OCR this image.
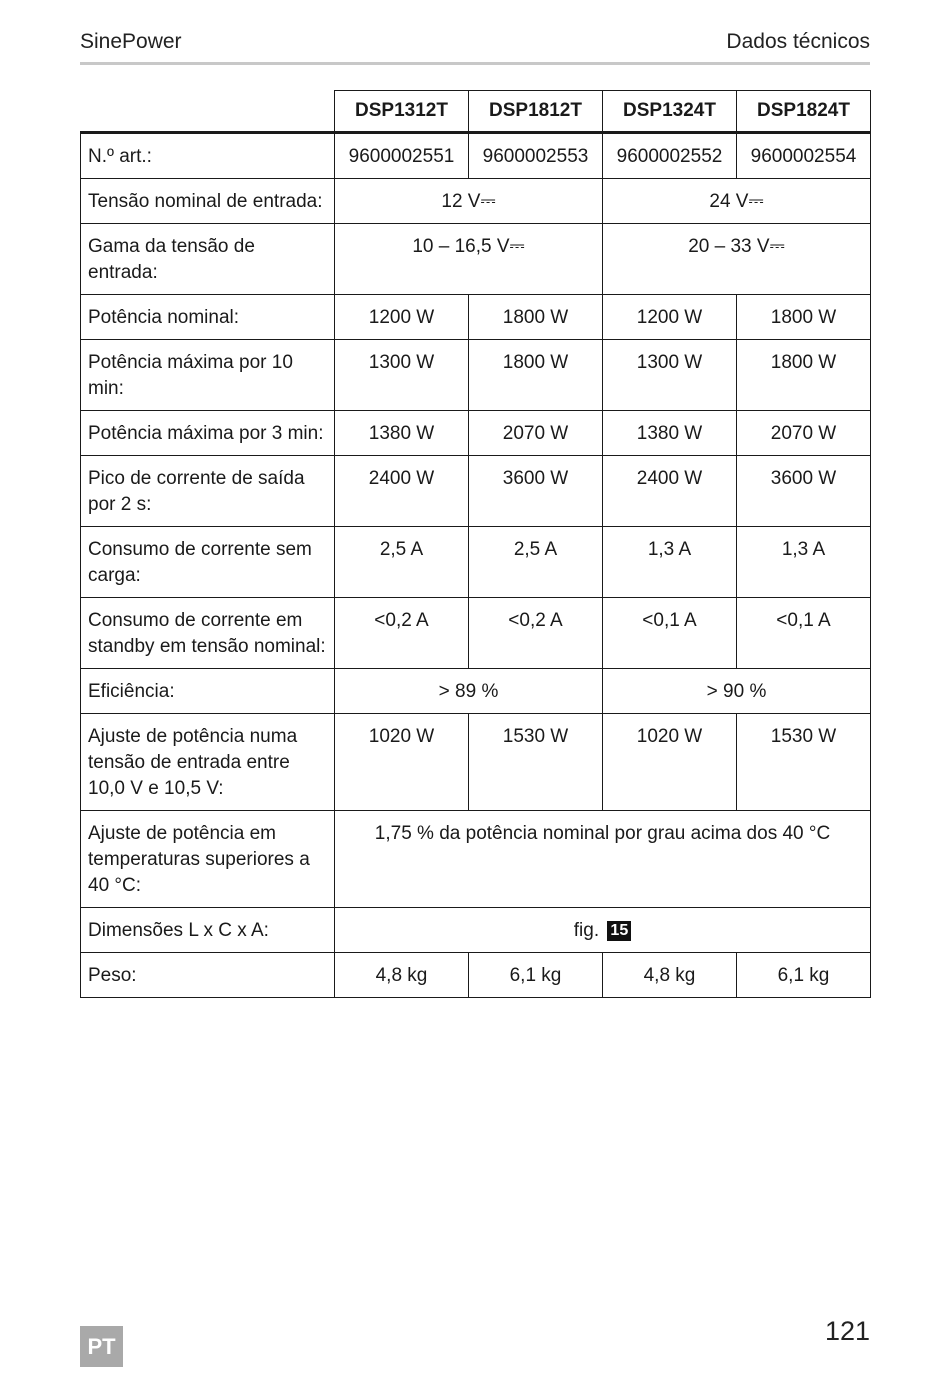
SinePower	Dados técnicos
	DSP1312T	DSP1812T	DSP1324T	DSP1824T
N.º art.:	9600002551	9600002553	9600002552	9600002554
Tensão nominal de entrada:	12 V⎓		24 V⎓	
Gama da tensão de entrada:	10 – 16,5 V⎓		20 – 33 V⎓	
Potência nominal:	1200 W	1800 W	1200 W	1800 W
Potência máxima por 10 min:	1300 W	1800 W	1300 W	1800 W
Potência máxima por 3 min:	1380 W	2070 W	1380 W	2070 W
Pico de corrente de saída por 2 s:	2400 W	3600 W	2400 W	3600 W
Consumo de corrente sem carga:	2,5 A	2,5 A	1,3 A	1,3 A
Consumo de corrente em standby em tensão nominal:	<0,2 A	<0,2 A	<0,1 A	<0,1 A
Eficiência:	> 89 %		> 90 %	
Ajuste de potência numa tensão de entrada entre 10,0 V e 10,5 V:	1020 W	1530 W	1020 W	1530 W
Ajuste de potência em temperaturas superiores a 40 °C:	1,75 % da potência nominal por grau acima dos 40 °C			
Dimensões L x C x A:	fig. 15			
Peso:	4,8 kg	6,1 kg	4,8 kg	6,1 kg
121
PT
